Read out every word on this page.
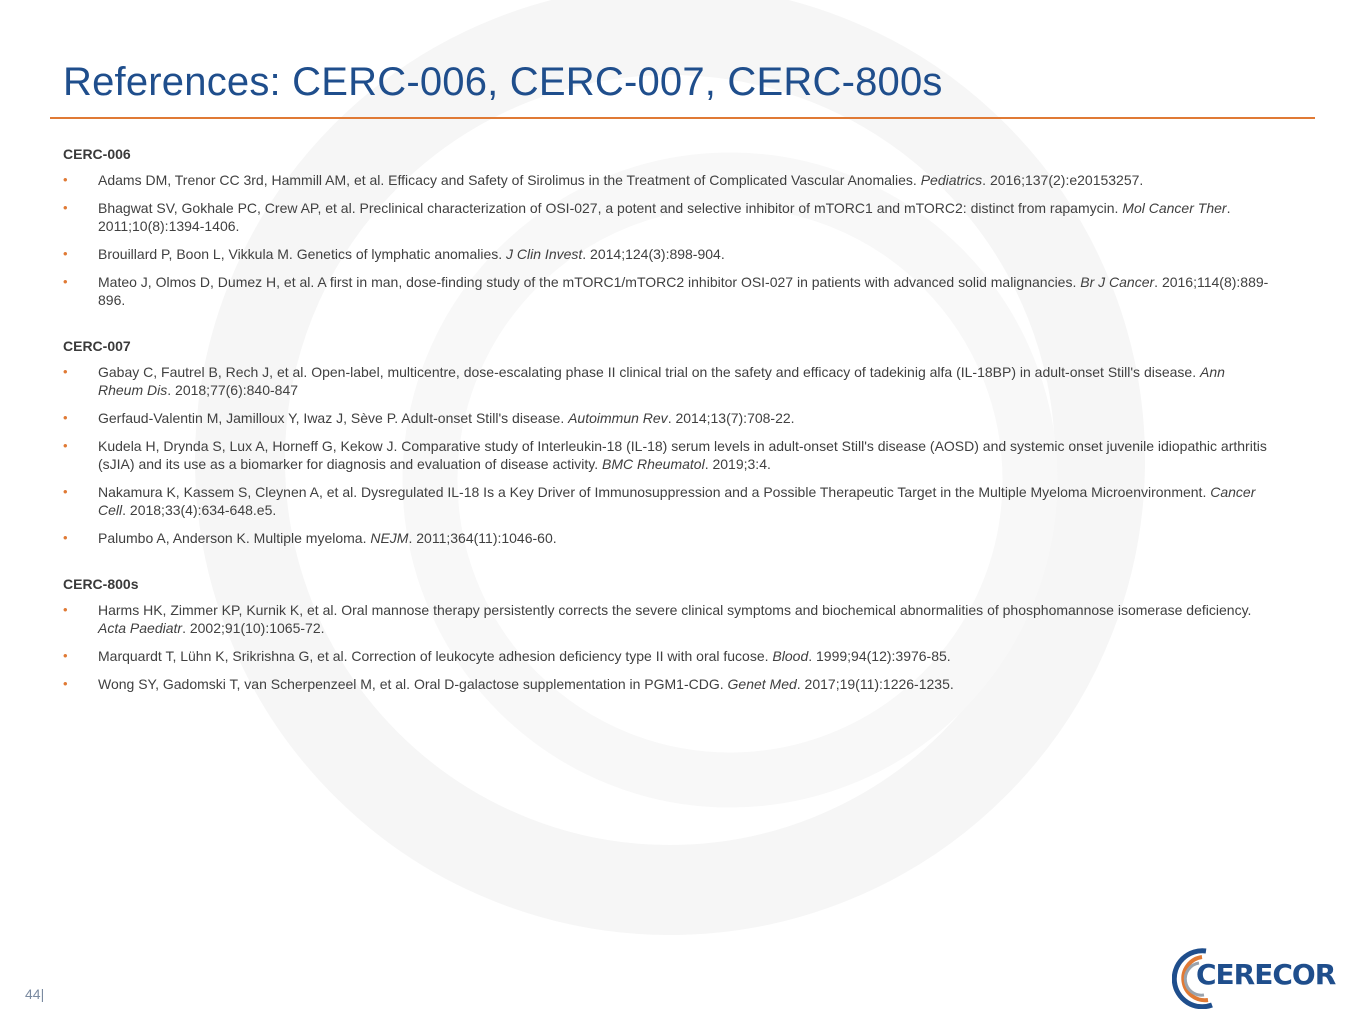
References: CERC-006, CERC-007, CERC-800s
CERC-006
• Adams DM, Trenor CC 3rd, Hammill AM, et al. Efficacy and Safety of Sirolimus in the Treatment of Complicated Vascular Anomalies. Pediatrics. 2016;137(2):e20153257.
• Bhagwat SV, Gokhale PC, Crew AP, et al. Preclinical characterization of OSI-027, a potent and selective inhibitor of mTORC1 and mTORC2: distinct from rapamycin. Mol Cancer Ther. 2011;10(8):1394-1406.
• Brouillard P, Boon L, Vikkula M. Genetics of lymphatic anomalies. J Clin Invest. 2014;124(3):898-904.
• Mateo J, Olmos D, Dumez H, et al. A first in man, dose-finding study of the mTORC1/mTORC2 inhibitor OSI-027 in patients with advanced solid malignancies. Br J Cancer. 2016;114(8):889-896.
CERC-007
• Gabay C, Fautrel B, Rech J, et al. Open-label, multicentre, dose-escalating phase II clinical trial on the safety and efficacy of tadekinig alfa (IL-18BP) in adult-onset Still's disease. Ann Rheum Dis. 2018;77(6):840-847
• Gerfaud-Valentin M, Jamilloux Y, Iwaz J, Sève P. Adult-onset Still's disease. Autoimmun Rev. 2014;13(7):708-22.
• Kudela H, Drynda S, Lux A, Horneff G, Kekow J. Comparative study of Interleukin-18 (IL-18) serum levels in adult-onset Still's disease (AOSD) and systemic onset juvenile idiopathic arthritis (sJIA) and its use as a biomarker for diagnosis and evaluation of disease activity. BMC Rheumatol. 2019;3:4.
• Nakamura K, Kassem S, Cleynen A, et al. Dysregulated IL-18 Is a Key Driver of Immunosuppression and a Possible Therapeutic Target in the Multiple Myeloma Microenvironment. Cancer Cell. 2018;33(4):634-648.e5.
• Palumbo A, Anderson K. Multiple myeloma. NEJM. 2011;364(11):1046-60.
CERC-800s
• Harms HK, Zimmer KP, Kurnik K, et al. Oral mannose therapy persistently corrects the severe clinical symptoms and biochemical abnormalities of phosphomannose isomerase deficiency. Acta Paediatr. 2002;91(10):1065-72.
• Marquardt T, Lühn K, Srikrishna G, et al. Correction of leukocyte adhesion deficiency type II with oral fucose. Blood. 1999;94(12):3976-85.
• Wong SY, Gadomski T, van Scherpenzeel M, et al. Oral D-galactose supplementation in PGM1-CDG. Genet Med. 2017;19(11):1226-1235.
44|
CERECOR
